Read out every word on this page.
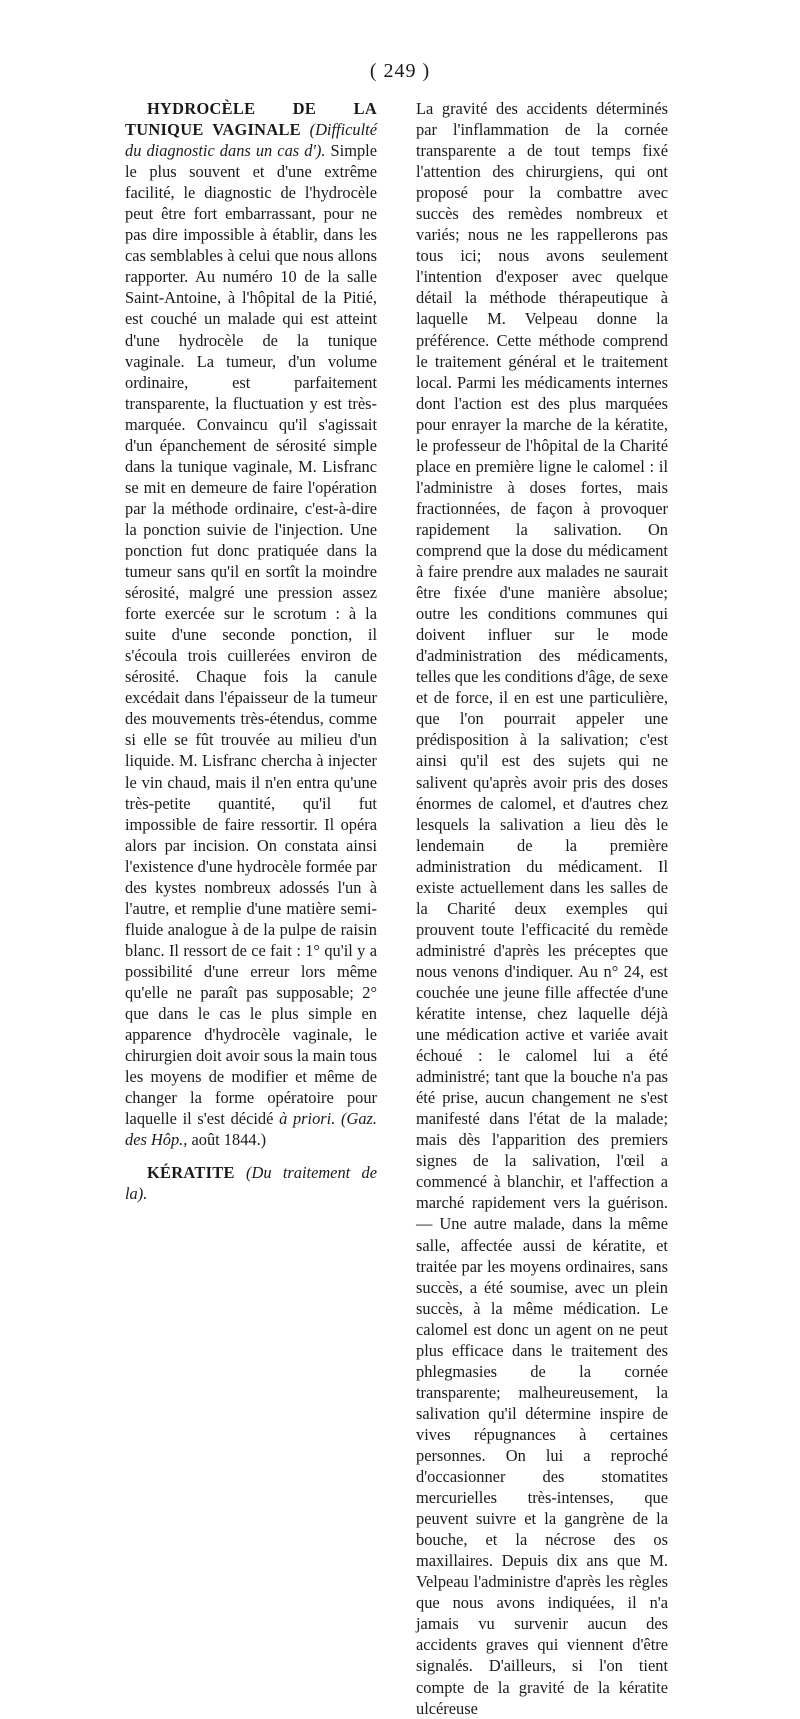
( 249 )

HYDROCÈLE DE LA TUNIQUE VAGINALE (Difficulté du diagnostic dans un cas d'). Simple le plus souvent et d'une extrême facilité, le diagnostic de l'hydrocèle peut être fort embarrassant, pour ne pas dire impossible à établir, dans les cas semblables à celui que nous allons rapporter. Au numéro 10 de la salle Saint-Antoine, à l'hôpital de la Pitié, est couché un malade qui est atteint d'une hydrocèle de la tunique vaginale. La tumeur, d'un volume ordinaire, est parfaitement transparente, la fluctuation y est très-marquée. Convaincu qu'il s'agissait d'un épanchement de sérosité simple dans la tunique vaginale, M. Lisfranc se mit en demeure de faire l'opération par la méthode ordinaire, c'est-à-dire la ponction suivie de l'injection. Une ponction fut donc pratiquée dans la tumeur sans qu'il en sortît la moindre sérosité, malgré une pression assez forte exercée sur le scrotum : à la suite d'une seconde ponction, il s'écoula trois cuillerées environ de sérosité. Chaque fois la canule excédait dans l'épaisseur de la tumeur des mouvements très-étendus, comme si elle se fût trouvée au milieu d'un liquide. M. Lisfranc chercha à injecter le vin chaud, mais il n'en entra qu'une très-petite quantité, qu'il fut impossible de faire ressortir. Il opéra alors par incision. On constata ainsi l'existence d'une hydrocèle formée par des kystes nombreux adossés l'un à l'autre, et remplie d'une matière semi-fluide analogue à de la pulpe de raisin blanc. Il ressort de ce fait : 1° qu'il y a possibilité d'une erreur lors même qu'elle ne paraît pas supposable; 2° que dans le cas le plus simple en apparence d'hydrocèle vaginale, le chirurgien doit avoir sous la main tous les moyens de modifier et même de changer la forme opératoire pour laquelle il s'est décidé à priori. (Gaz. des Hôp., août 1844.)

KÉRATITE (Du traitement de la).

La gravité des accidents déterminés par l'inflammation de la cornée transparente a de tout temps fixé l'attention des chirurgiens, qui ont proposé pour la combattre avec succès des remèdes nombreux et variés; nous ne les rappellerons pas tous ici; nous avons seulement l'intention d'exposer avec quelque détail la méthode thérapeutique à laquelle M. Velpeau donne la préférence. Cette méthode comprend le traitement général et le traitement local. Parmi les médicaments internes dont l'action est des plus marquées pour enrayer la marche de la kératite, le professeur de l'hôpital de la Charité place en première ligne le calomel : il l'administre à doses fortes, mais fractionnées, de façon à provoquer rapidement la salivation. On comprend que la dose du médicament à faire prendre aux malades ne saurait être fixée d'une manière absolue; outre les conditions communes qui doivent influer sur le mode d'administration des médicaments, telles que les conditions d'âge, de sexe et de force, il en est une particulière, que l'on pourrait appeler une prédisposition à la salivation; c'est ainsi qu'il est des sujets qui ne salivent qu'après avoir pris des doses énormes de calomel, et d'autres chez lesquels la salivation a lieu dès le lendemain de la première administration du médicament. Il existe actuellement dans les salles de la Charité deux exemples qui prouvent toute l'efficacité du remède administré d'après les préceptes que nous venons d'indiquer. Au n° 24, est couchée une jeune fille affectée d'une kératite intense, chez laquelle déjà une médication active et variée avait échoué : le calomel lui a été administré; tant que la bouche n'a pas été prise, aucun changement ne s'est manifesté dans l'état de la malade; mais dès l'apparition des premiers signes de la salivation, l'œil a commencé à blanchir, et l'affection a marché rapidement vers la guérison. — Une autre malade, dans la même salle, affectée aussi de kératite, et traitée par les moyens ordinaires, sans succès, a été soumise, avec un plein succès, à la même médication. Le calomel est donc un agent on ne peut plus efficace dans le traitement des phlegmasies de la cornée transparente; malheureusement, la salivation qu'il détermine inspire de vives répugnances à certaines personnes. On lui a reproché d'occasionner des stomatites mercurielles très-intenses, que peuvent suivre et la gangrène de la bouche, et la nécrose des os maxillaires. Depuis dix ans que M. Velpeau l'administre d'après les règles que nous avons indiquées, il n'a jamais vu survenir aucun des accidents graves qui viennent d'être signalés. D'ailleurs, si l'on tient compte de la gravité de la kératite ulcéreuse
